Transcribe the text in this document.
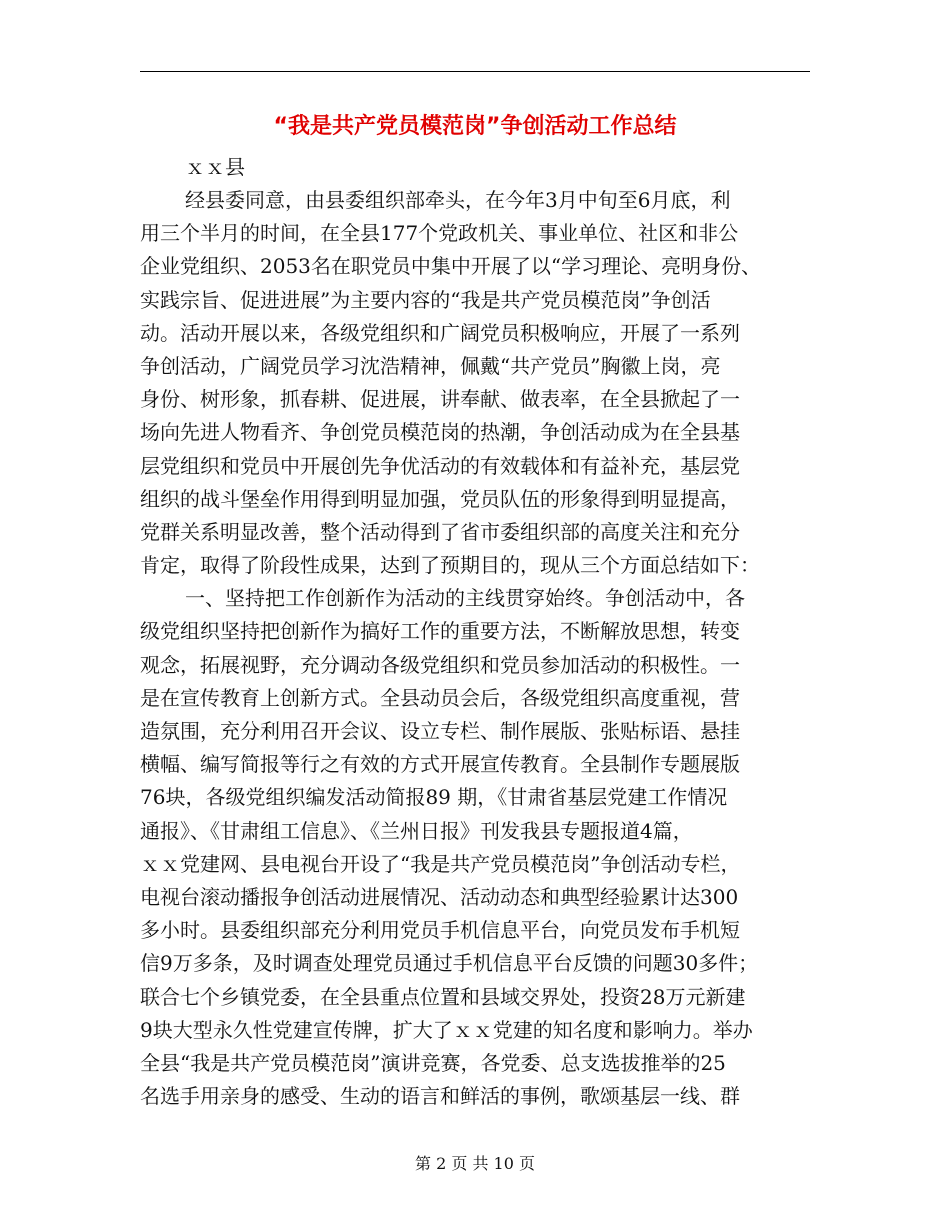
“我是共产党员模范岗”争创活动工作总结
ｘｘ县
经县委同意，由县委组织部牵头，在今年3月中旬至6月底，利
用三个半月的时间，在全县177个党政机关、事业单位、社区和非公
企业党组织、2053名在职党员中集中开展了以“学习理论、亮明身份、
实践宗旨、促进进展”为主要内容的“我是共产党员模范岗”争创活
动。活动开展以来，各级党组织和广阔党员积极响应，开展了一系列
争创活动，广阔党员学习沈浩精神，佩戴“共产党员”胸徽上岗，亮
身份、树形象，抓春耕、促进展，讲奉献、做表率，在全县掀起了一
场向先进人物看齐、争创党员模范岗的热潮，争创活动成为在全县基
层党组织和党员中开展创先争优活动的有效载体和有益补充，基层党
组织的战斗堡垒作用得到明显加强，党员队伍的形象得到明显提高，
党群关系明显改善，整个活动得到了省市委组织部的高度关注和充分
肯定，取得了阶段性成果，达到了预期目的，现从三个方面总结如下：
一、坚持把工作创新作为活动的主线贯穿始终。争创活动中，各
级党组织坚持把创新作为搞好工作的重要方法，不断解放思想，转变
观念，拓展视野，充分调动各级党组织和党员参加活动的积极性。一
是在宣传教育上创新方式。全县动员会后，各级党组织高度重视，营
造氛围，充分利用召开会议、设立专栏、制作展版、张贴标语、悬挂
横幅、编写简报等行之有效的方式开展宣传教育。全县制作专题展版
76块，各级党组织编发活动简报89 期，《甘肃省基层党建工作情况
通报》、《甘肃组工信息》、《兰州日报》刊发我县专题报道4篇，
ｘｘ党建网、县电视台开设了“我是共产党员模范岗”争创活动专栏，
电视台滚动播报争创活动进展情况、活动动态和典型经验累计达300
多小时。县委组织部充分利用党员手机信息平台，向党员发布手机短
信9万多条，及时调查处理党员通过手机信息平台反馈的问题30多件；
联合七个乡镇党委，在全县重点位置和县域交界处，投资28万元新建
9块大型永久性党建宣传牌，扩大了ｘｘ党建的知名度和影响力。举办
全县“我是共产党员模范岗”演讲竞赛，各党委、总支选拔推举的25
名选手用亲身的感受、生动的语言和鲜活的事例，歌颂基层一线、群
第 2 页 共 10 页
